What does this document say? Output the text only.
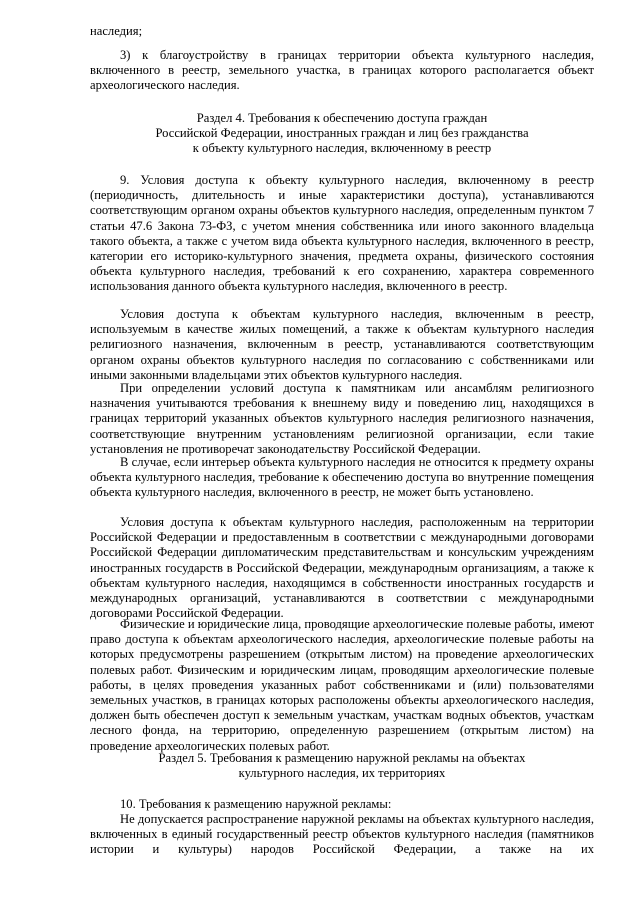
наследия;

3) к благоустройству в границах территории объекта культурного наследия, включенного в реестр, земельного участка, в границах которого располагается объект археологического наследия.

Раздел 4. Требования к обеспечению доступа граждан

Российской Федерации, иностранных граждан и лиц без гражданства

к объекту культурного наследия, включенному в реестр

9. Условия доступа к объекту культурного наследия, включенному в реестр (периодичность, длительность и иные характеристики доступа), устанавливаются соответствующим органом охраны объектов культурного наследия, определенным пунктом 7 статьи 47.6 Закона 73-ФЗ, с учетом мнения собственника или иного законного владельца такого объекта, а также с учетом вида объекта культурного наследия, включенного в реестр, категории его историко-культурного значения, предмета охраны, физического состояния объекта культурного наследия, требований к его сохранению, характера современного использования данного объекта культурного наследия, включенного в реестр.

Условия доступа к объектам культурного наследия, включенным в реестр, используемым в качестве жилых помещений, а также к объектам культурного наследия религиозного назначения, включенным в реестр, устанавливаются соответствующим органом охраны объектов культурного наследия по согласованию с собственниками или иными законными владельцами этих объектов культурного наследия.

При определении условий доступа к памятникам или ансамблям религиозного назначения учитываются требования к внешнему виду и поведению лиц, находящихся в границах территорий указанных объектов культурного наследия религиозного назначения, соответствующие внутренним установлениям религиозной организации, если такие установления не противоречат законодательству Российской Федерации.

В случае, если интерьер объекта культурного наследия не относится к предмету охраны объекта культурного наследия, требование к обеспечению доступа во внутренние помещения объекта культурного наследия, включенного в реестр, не может быть установлено.

Условия доступа к объектам культурного наследия, расположенным на территории Российской Федерации и предоставленным в соответствии с международными договорами Российской Федерации дипломатическим представительствам и консульским учреждениям иностранных государств в Российской Федерации, международным организациям, а также к объектам культурного наследия, находящимся в собственности иностранных государств и международных организаций, устанавливаются в соответствии с международными договорами Российской Федерации.

Физические и юридические лица, проводящие археологические полевые работы, имеют право доступа к объектам археологического наследия, археологические полевые работы на которых предусмотрены разрешением (открытым листом) на проведение археологических полевых работ. Физическим и юридическим лицам, проводящим археологические полевые работы, в целях проведения указанных работ собственниками и (или) пользователями земельных участков, в границах которых расположены объекты археологического наследия, должен быть обеспечен доступ к земельным участкам, участкам водных объектов, участкам лесного фонда, на территорию, определенную разрешением (открытым листом) на проведение археологических полевых работ.

Раздел 5. Требования к размещению наружной рекламы на объектах

культурного наследия, их территориях

10. Требования к размещению наружной рекламы:

Не допускается распространение наружной рекламы на объектах культурного наследия, включенных в единый государственный реестр объектов культурного наследия (памятников истории и культуры) народов Российской Федерации, а также на их
